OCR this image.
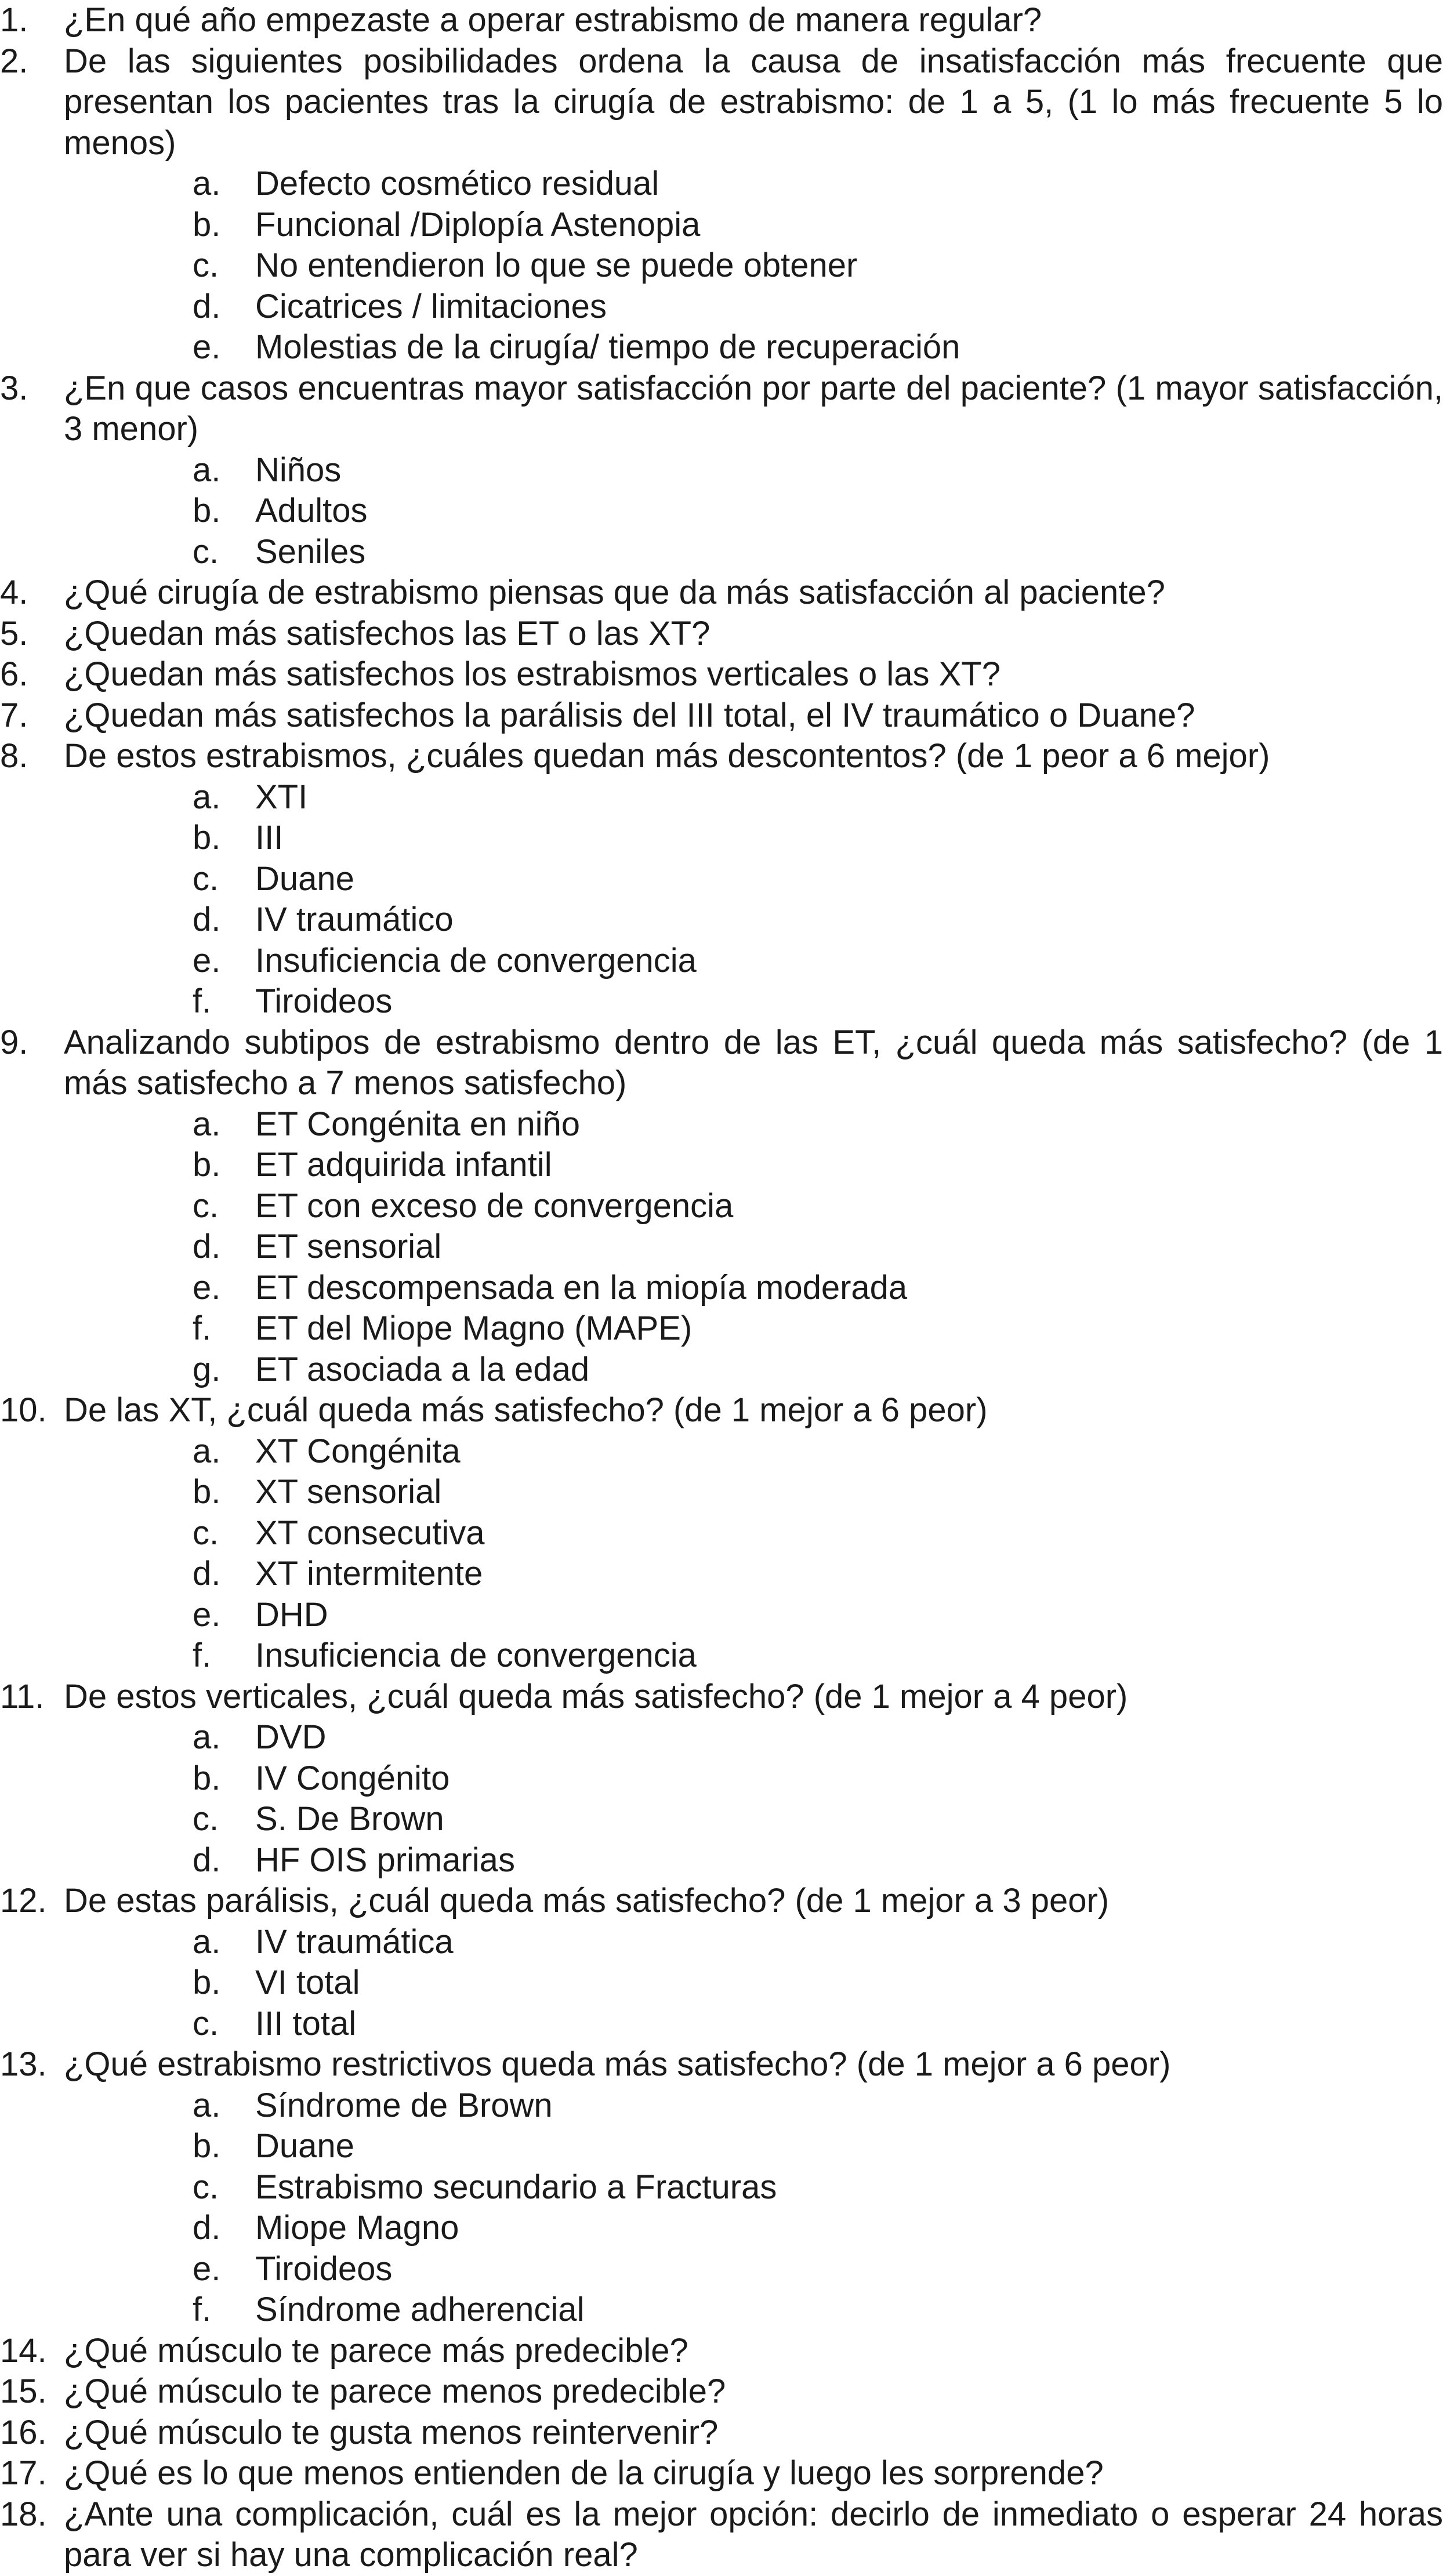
1.	¿En qué año empezaste a operar estrabismo de manera regular?
2.	De las siguientes posibilidades ordena la causa de insatisfacción más frecuente que presentan los pacientes tras la cirugía de estrabismo: de 1 a 5, (1 lo más frecuente 5 lo menos)
a.	Defecto cosmético residual
b.	Funcional /Diplopía Astenopia
c.	No entendieron lo que se puede obtener
d.	Cicatrices / limitaciones
e.	Molestias de la cirugía/ tiempo de recuperación
3.	¿En que casos encuentras mayor satisfacción por parte del paciente? (1 mayor satisfacción, 3 menor)
a.	Niños
b.	Adultos
c.	Seniles
4.	¿Qué cirugía de estrabismo piensas que da más satisfacción al paciente?
5.	¿Quedan más satisfechos las ET o las XT?
6.	¿Quedan más satisfechos los estrabismos verticales o las XT?
7.	¿Quedan más satisfechos la parálisis del III total, el IV traumático o Duane?
8.	De estos estrabismos, ¿cuáles quedan más descontentos? (de 1 peor a 6 mejor)
a.	XTI
b.	III
c.	Duane
d.	IV traumático
e.	Insuficiencia de convergencia
f.	Tiroideos
9.	Analizando subtipos de estrabismo dentro de las ET, ¿cuál queda más satisfecho? (de 1 más satisfecho a 7 menos satisfecho)
a.	ET Congénita en niño
b.	ET adquirida infantil
c.	ET con exceso de convergencia
d.	ET sensorial
e.	ET descompensada en la miopía moderada
f.	ET del Miope Magno (MAPE)
g.	ET asociada a la edad
10. De las XT, ¿cuál queda más satisfecho? (de 1 mejor a 6 peor)
a.	XT Congénita
b.	XT sensorial
c.	XT consecutiva
d.	XT intermitente
e.	DHD
f.	Insuficiencia de convergencia
11. De estos verticales, ¿cuál queda más satisfecho? (de 1 mejor a 4 peor)
a.	DVD
b.	IV Congénito
c.	S. De Brown
d.	HF OIS primarias
12. De estas parálisis, ¿cuál queda más satisfecho? (de 1 mejor a 3 peor)
a.	IV traumática
b.	VI total
c.	III total
13. ¿Qué estrabismo restrictivos queda más satisfecho? (de 1 mejor a 6 peor)
a.	Síndrome de Brown
b.	Duane
c.	Estrabismo secundario a Fracturas
d.	Miope Magno
e.	Tiroideos
f.	Síndrome adherencial
14. ¿Qué músculo te parece más predecible?
15. ¿Qué músculo te parece menos predecible?
16. ¿Qué músculo te gusta menos reintervenir?
17. ¿Qué es lo que menos entienden de la cirugía y luego les sorprende?
18. ¿Ante una complicación, cuál es la mejor opción: decirlo de inmediato o esperar 24 horas para ver si hay una complicación real?
